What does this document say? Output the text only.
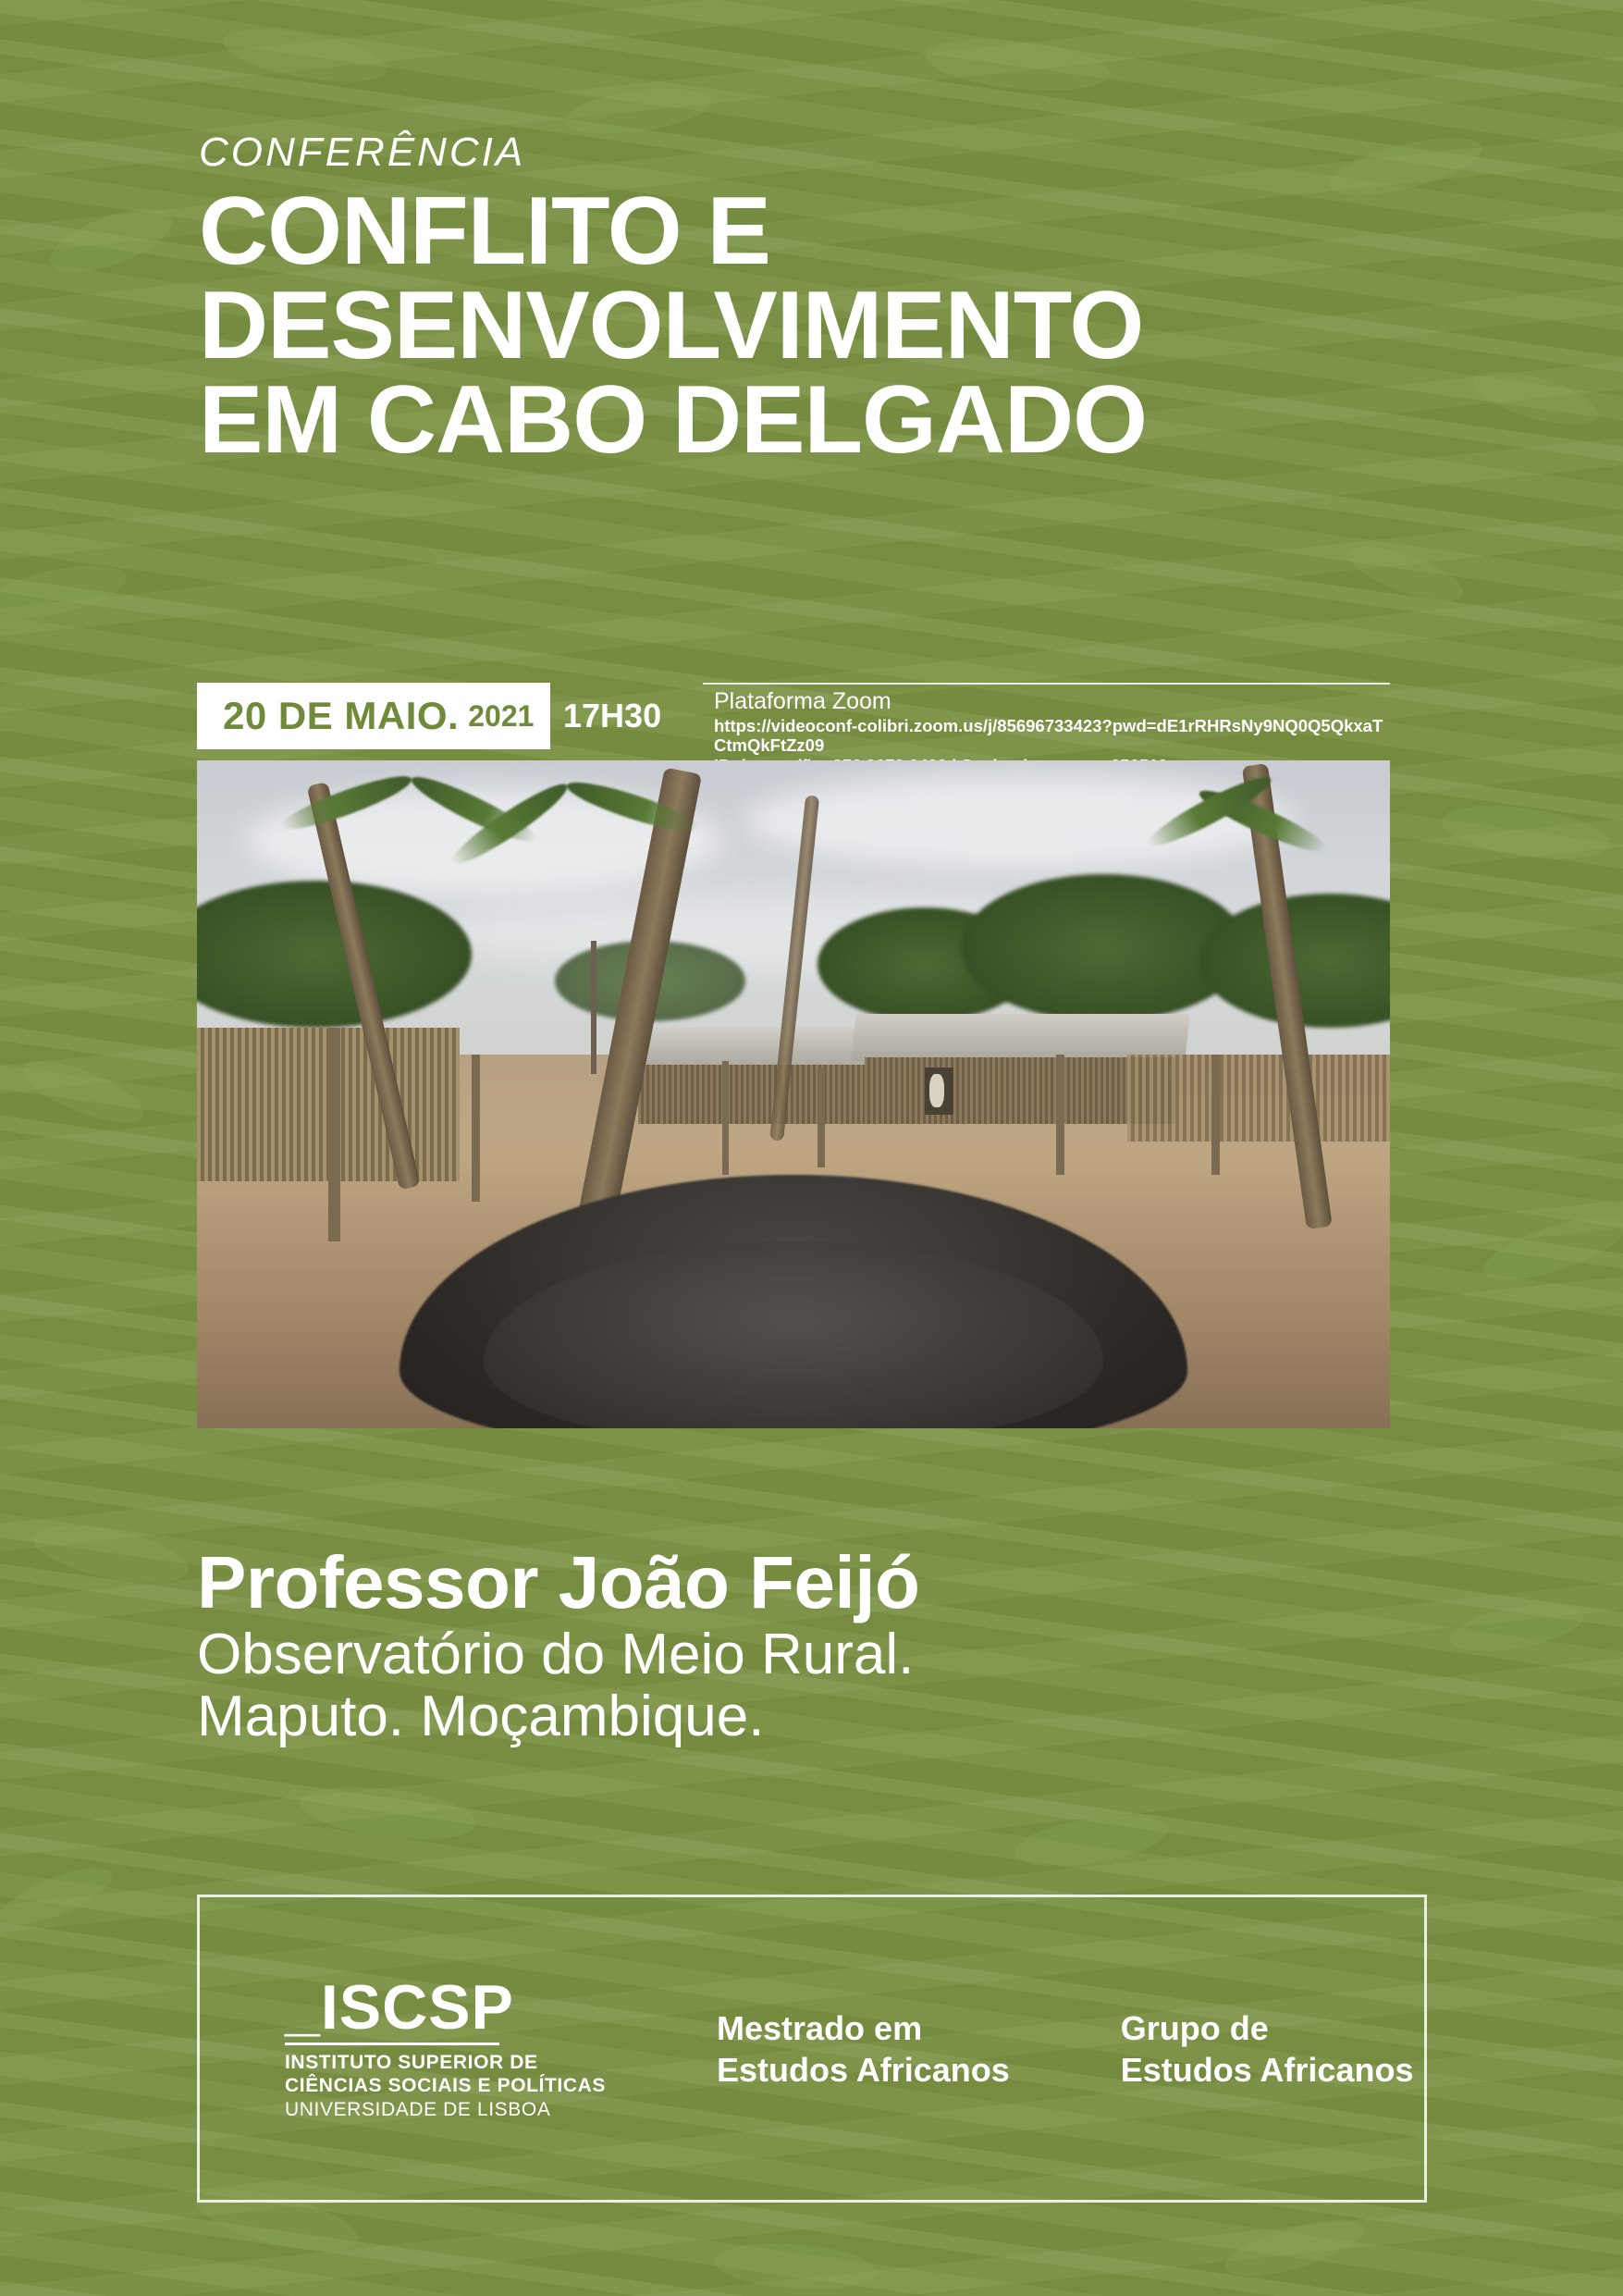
CONFERÊNCIA
CONFLITO E
DESENVOLVIMENTO
EM CABO DELGADO
20 DE MAIO. 2021 17H30	Plataforma Zoom
https://videoconf-colibri.zoom.us/j/85696733423?pwd=dE1rRHRsNy9NQ0Q5QkxaTCtmQkFtZz09
Professor João Feijó
Observatório do Meio Rural.
Maputo. Moçambique.
_ISCSP
INSTITUTO SUPERIOR DE
CIÊNCIAS SOCIAIS E POLÍTICAS
UNIVERSIDADE DE LISBOA
Mestrado em
Estudos Africanos
Grupo de
Estudos Africanos
